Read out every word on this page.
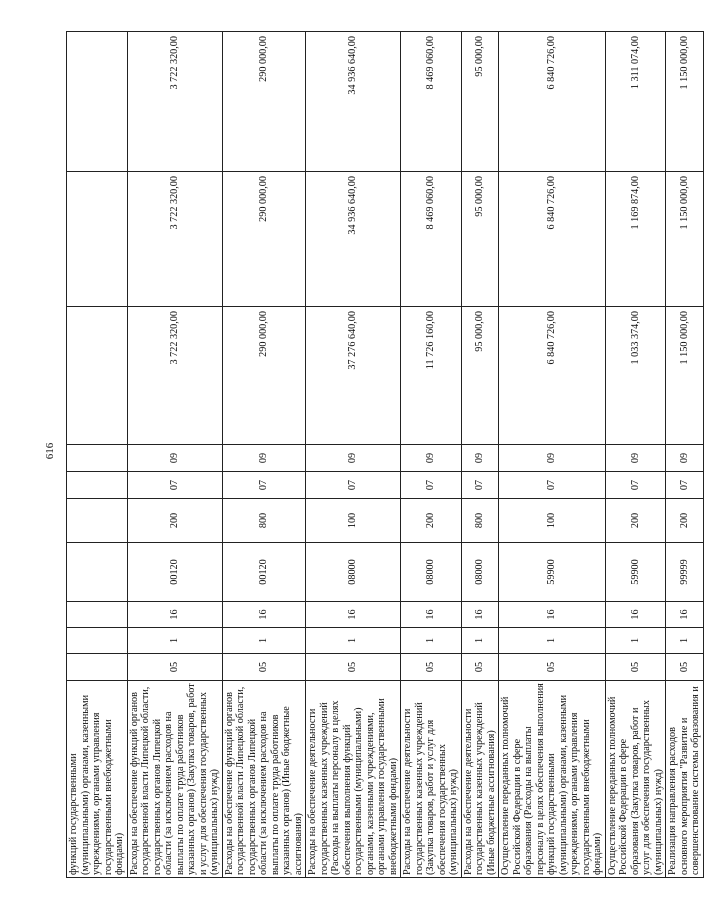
616
функций государственными (муниципальными) органами, казенными учреждениями, органами управления государственными внебюджетными фондами)										
Расходы на обеспечение функций органов государственной власти Липецкой области, государственных органов Липецкой области (за исключением расходов на выплаты по оплате труда работников указанных органов) (Закупка товаров, работ и услуг для обеспечения государственных (муниципальных) нужд)	05	1	16	00120	200	07	09	3 722 320,00	3 722 320,00	3 722 320,00
Расходы на обеспечение функций органов государственной власти Липецкой области, государственных органов Липецкой области (за исключением расходов на выплаты по оплате труда работников указанных органов) (Иные бюджетные ассигнования)	05	1	16	00120	800	07	09	290 000,00	290 000,00	290 000,00
Расходы на обеспечение деятельности государственных казенных учреждений (Расходы на выплаты персоналу в целях обеспечения выполнения функций государственными (муниципальными) органами, казенными учреждениями, органами управления государственными внебюджетными фондами)	05	1	16	08000	100	07	09	37 276 640,00	34 936 640,00	34 936 640,00
Расходы на обеспечение деятельности государственных казенных учреждений (Закупка товаров, работ и услуг для обеспечения государственных (муниципальных) нужд)	05	1	16	08000	200	07	09	11 726 160,00	8 469 060,00	8 469 060,00
Расходы на обеспечение деятельности государственных казенных учреждений (Иные бюджетные ассигнования)	05	1	16	08000	800	07	09	95 000,00	95 000,00	95 000,00
Осуществление переданных полномочий Российской Федерации в сфере образования (Расходы на выплаты персоналу в целях обеспечения выполнения функций государственными (муниципальными) органами, казенными учреждениями, органами управления государственными внебюджетными фондами)	05	1	16	59900	100	07	09	6 840 726,00	6 840 726,00	6 840 726,00
Осуществление переданных полномочий Российской Федерации в сфере образования (Закупка товаров, работ и услуг для обеспечения государственных (муниципальных) нужд)	05	1	16	59900	200	07	09	1 033 374,00	1 169 874,00	1 311 074,00
Реализация направления расходов основного мероприятия "Развитие и совершенствование системы образования и	05	1	16	99999	200	07	09	1 150 000,00	1 150 000,00	1 150 000,00
